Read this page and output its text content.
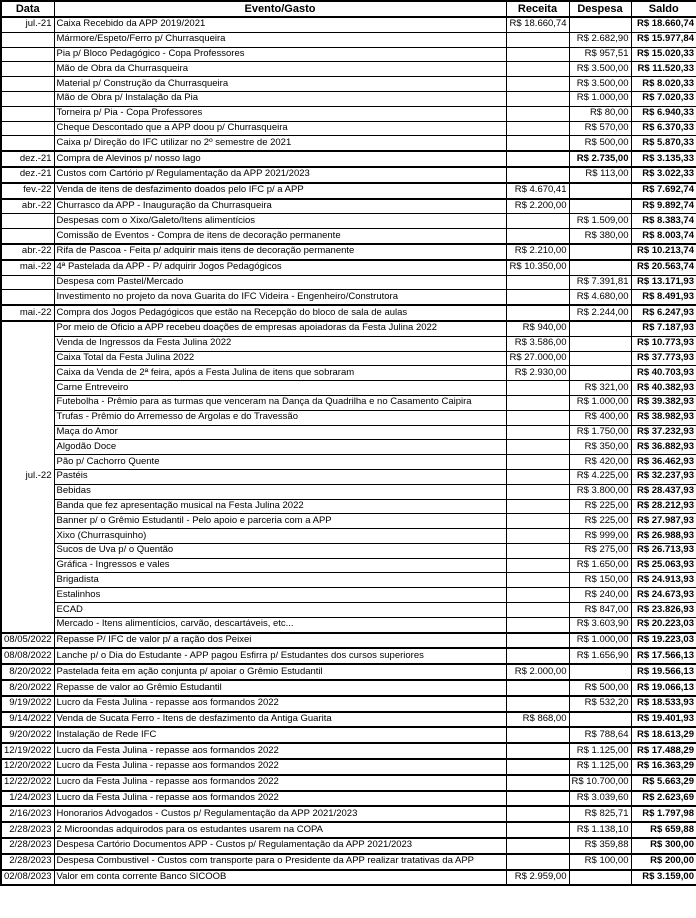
Data	Evento/Gasto	Receita	Despesa	Saldo
jul.-21	Caixa Recebido da APP 2019/2021	R$ 18.660,74		R$ 18.660,74
	Mármore/Espeto/Ferro p/ Churrasqueira		R$ 2.682,90	R$ 15.977,84
	Pia p/ Bloco Pedagógico - Copa Professores		R$ 957,51	R$ 15.020,33
	Mão de Obra da Churrasqueira		R$ 3.500,00	R$ 11.520,33
	Material p/ Construção da Churrasqueira		R$ 3.500,00	R$ 8.020,33
	Mão de Obra p/ Instalação da Pia		R$ 1.000,00	R$ 7.020,33
	Torneira p/ Pia - Copa Professores		R$ 80,00	R$ 6.940,33
	Cheque Descontado que a APP doou p/ Churrasqueira		R$ 570,00	R$ 6.370,33
	Caixa p/ Direção do IFC utilizar no 2º semestre de 2021		R$ 500,00	R$ 5.870,33
dez.-21	Compra de Alevinos p/ nosso lago		R$ 2.735,00	R$ 3.135,33
dez.-21	Custos com Cartório p/ Regulamentação da APP 2021/2023		R$ 113,00	R$ 3.022,33
fev.-22	Venda de itens de desfazimento doados pelo IFC p/ a APP	R$ 4.670,41		R$ 7.692,74
abr.-22	Churrasco da APP - Inauguração da Churrasqueira	R$ 2.200,00		R$ 9.892,74
	Despesas com o Xixo/Galeto/Itens alimentícios		R$ 1.509,00	R$ 8.383,74
	Comissão de Eventos - Compra de itens de decoração permanente		R$ 380,00	R$ 8.003,74
abr.-22	Rifa de Pascoa - Feita p/ adquirir mais itens de decoração permanente	R$ 2.210,00		R$ 10.213,74
mai.-22	4ª Pastelada da APP - P/ adquirir Jogos Pedagógicos	R$ 10.350,00		R$ 20.563,74
	Despesa com Pastel/Mercado		R$ 7.391,81	R$ 13.171,93
	Investimento no projeto da nova Guarita do IFC Videira - Engenheiro/Construtora		R$ 4.680,00	R$ 8.491,93
mai.-22	Compra dos Jogos Pedagógicos que estão na Recepção do bloco de sala de aulas		R$ 2.244,00	R$ 6.247,93
jul.-22	Por meio de Oficio a APP recebeu doações de empresas apoiadoras da Festa Julina 2022	R$ 940,00		R$ 7.187,93
	Venda de Ingressos da Festa Julina 2022	R$ 3.586,00		R$ 10.773,93
	Caixa Total da Festa Julina 2022	R$ 27.000,00		R$ 37.773,93
	Caixa da Venda de 2ª feira, após a Festa Julina de itens que sobraram	R$ 2.930,00		R$ 40.703,93
	Carne Entreveiro		R$ 321,00	R$ 40.382,93
	Futebolha - Prêmio para as turmas que venceram na Dança da Quadrilha e no Casamento Caipira		R$ 1.000,00	R$ 39.382,93
	Trufas - Prêmio do Arremesso de Argolas e do Travessão		R$ 400,00	R$ 38.982,93
	Maça do Amor		R$ 1.750,00	R$ 37.232,93
	Algodão Doce		R$ 350,00	R$ 36.882,93
	Pão p/ Cachorro Quente		R$ 420,00	R$ 36.462,93
	Pastéis		R$ 4.225,00	R$ 32.237,93
	Bebidas		R$ 3.800,00	R$ 28.437,93
	Banda que fez apresentação musical na Festa Julina 2022		R$ 225,00	R$ 28.212,93
	Banner p/ o Grêmio Estudantil - Pelo apoio e parceria com a APP		R$ 225,00	R$ 27.987,93
	Xixo (Churrasquinho)		R$ 999,00	R$ 26.988,93
	Sucos de Uva p/ o Quentão		R$ 275,00	R$ 26.713,93
	Gráfica - Ingressos e vales		R$ 1.650,00	R$ 25.063,93
	Brigadista		R$ 150,00	R$ 24.913,93
	Estalinhos		R$ 240,00	R$ 24.673,93
	ECAD		R$ 847,00	R$ 23.826,93
	Mercado - Itens alimentícios, carvão, descartáveis, etc...		R$ 3.603,90	R$ 20.223,03
08/05/2022	Repasse P/ IFC de valor p/ a ração dos Peixei		R$ 1.000,00	R$ 19.223,03
08/08/2022	Lanche p/ o Dia do Estudante - APP pagou Esfirra p/ Estudantes dos cursos superiores		R$ 1.656,90	R$ 17.566,13
8/20/2022	Pastelada feita em ação conjunta p/ apoiar o Grêmio Estudantil	R$ 2.000,00		R$ 19.566,13
8/20/2022	Repasse de valor ao Grêmio Estudantil		R$ 500,00	R$ 19.066,13
9/19/2022	Lucro da Festa Julina - repasse aos formandos 2022		R$ 532,20	R$ 18.533,93
9/14/2022	Venda de Sucata Ferro - Itens de desfazimento da Antiga Guarita	R$ 868,00		R$ 19.401,93
9/20/2022	Instalação de Rede IFC		R$ 788,64	R$ 18.613,29
12/19/2022	Lucro da Festa Julina - repasse aos formandos 2022		R$ 1.125,00	R$ 17.488,29
12/20/2022	Lucro da Festa Julina - repasse aos formandos 2022		R$ 1.125,00	R$ 16.363,29
12/22/2022	Lucro da Festa Julina - repasse aos formandos 2022		R$ 10.700,00	R$ 5.663,29
1/24/2023	Lucro da Festa Julina - repasse aos formandos 2022		R$ 3.039,60	R$ 2.623,69
2/16/2023	Honorarios Advogados - Custos p/ Regulamentação da APP 2021/2023		R$ 825,71	R$ 1.797,98
2/28/2023	2 Microondas adquirodos para os estudantes usarem na COPA		R$ 1.138,10	R$ 659,88
2/28/2023	Despesa Cartório Documentos APP - Custos p/ Regulamentação da APP 2021/2023		R$ 359,88	R$ 300,00
2/28/2023	Despesa Combustivel - Custos com transporte para o Presidente da APP realizar tratativas da APP		R$ 100,00	R$ 200,00
02/08/2023	Valor em conta corrente Banco SICOOB	R$ 2.959,00		R$ 3.159,00
